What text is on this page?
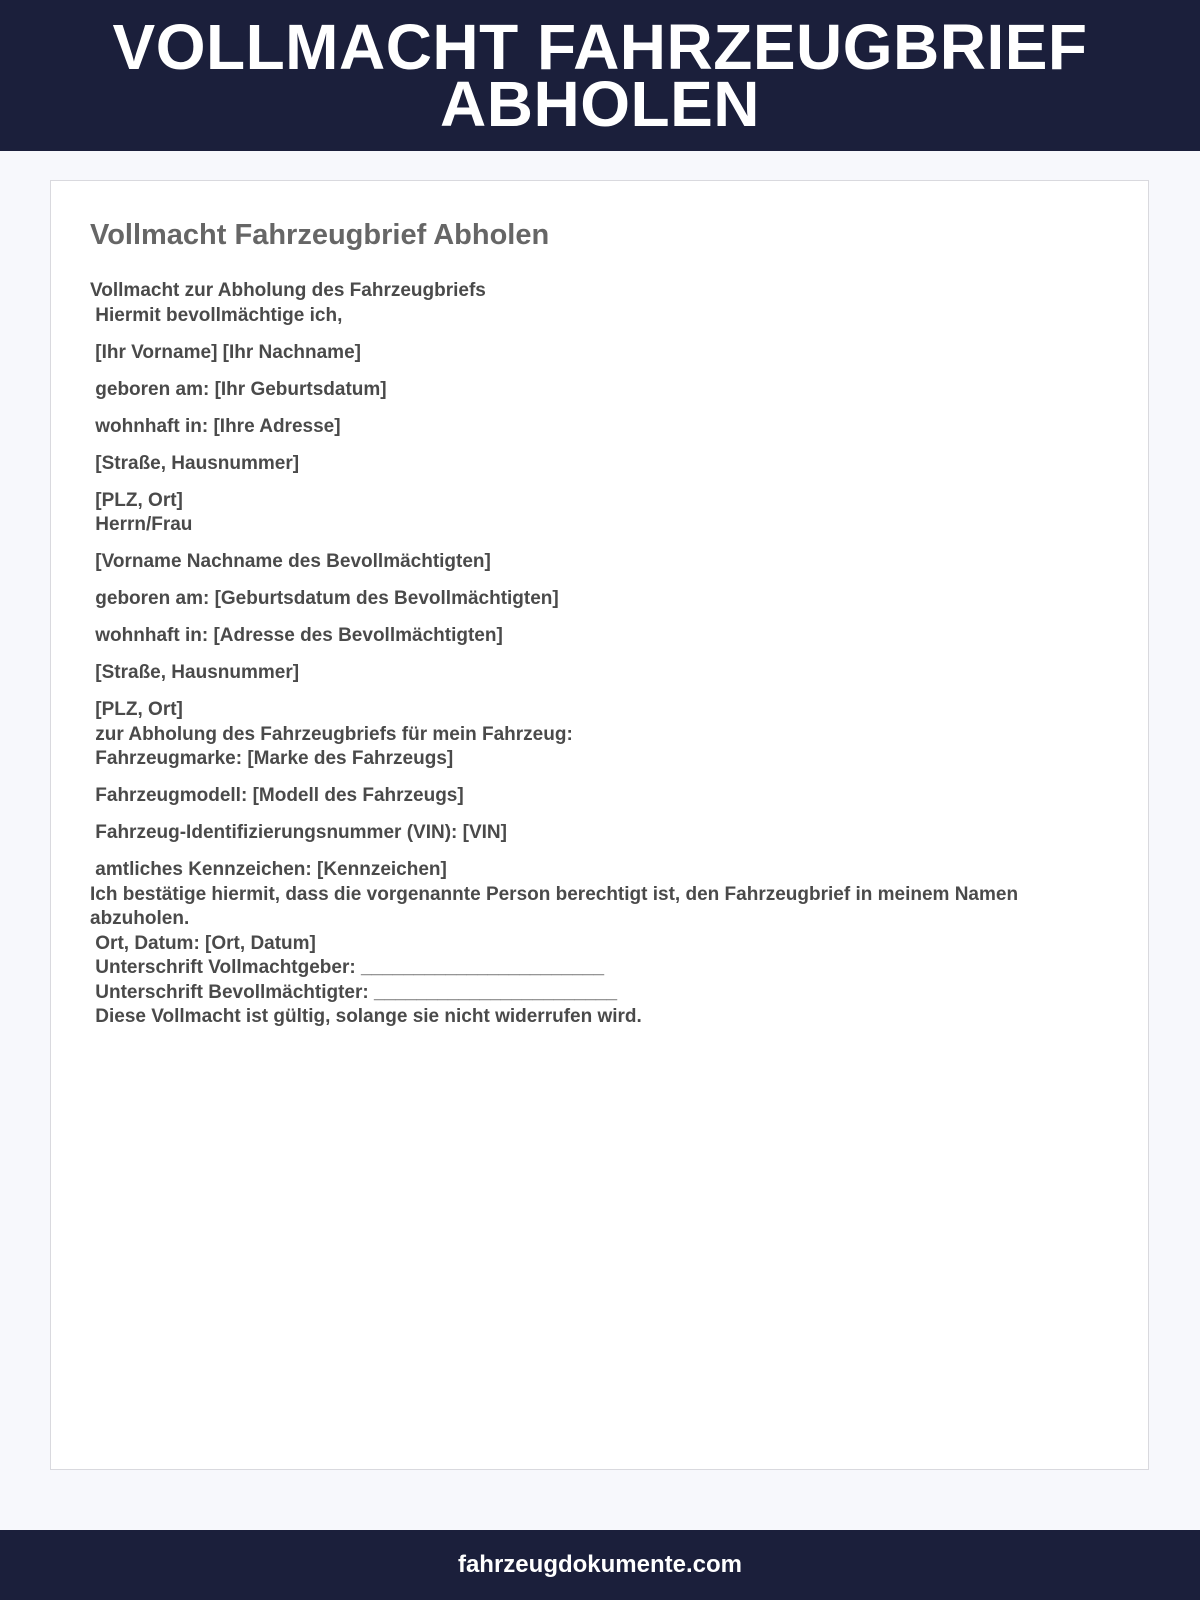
VOLLMACHT FAHRZEUGBRIEF ABHOLEN
Vollmacht Fahrzeugbrief Abholen
Vollmacht zur Abholung des Fahrzeugbriefs
Hiermit bevollmächtige ich,
[Ihr Vorname] [Ihr Nachname]
geboren am: [Ihr Geburtsdatum]
wohnhaft in: [Ihre Adresse]
[Straße, Hausnummer]
[PLZ, Ort]
Herrn/Frau
[Vorname Nachname des Bevollmächtigten]
geboren am: [Geburtsdatum des Bevollmächtigten]
wohnhaft in: [Adresse des Bevollmächtigten]
[Straße, Hausnummer]
[PLZ, Ort]
zur Abholung des Fahrzeugbriefs für mein Fahrzeug:
Fahrzeugmarke: [Marke des Fahrzeugs]
Fahrzeugmodell: [Modell des Fahrzeugs]
Fahrzeug-Identifizierungsnummer (VIN): [VIN]
amtliches Kennzeichen: [Kennzeichen]
Ich bestätige hiermit, dass die vorgenannte Person berechtigt ist, den Fahrzeugbrief in meinem Namen abzuholen.
Ort, Datum: [Ort, Datum]
Unterschrift Vollmachtgeber: _______________________
Unterschrift Bevollmächtigter: _______________________
Diese Vollmacht ist gültig, solange sie nicht widerrufen wird.
fahrzeugdokumente.com
